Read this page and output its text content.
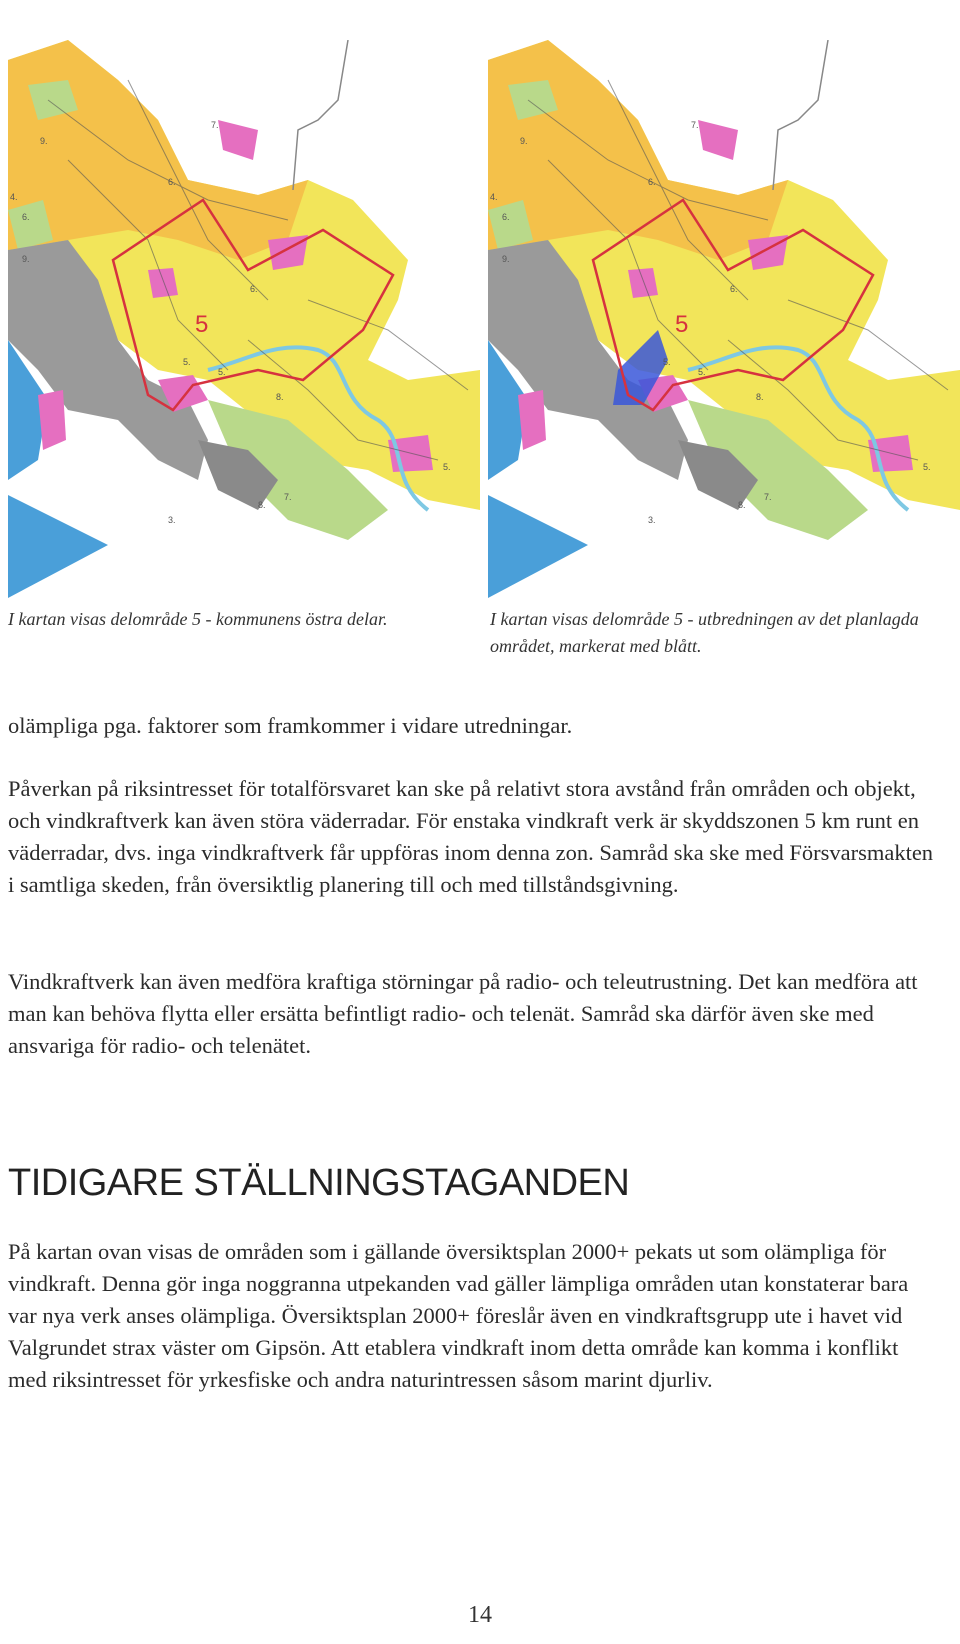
5
7.
9.
6.
4.
6.
9.
6.
5.
5.
8.
8.
7.
5.
3.
5
7.
9.
6.
4.
6.
9.
6.
5.
5.
8.
8.
7.
5.
3.
I kartan visas delområde 5 - kommunens östra delar.	I kartan visas delområde 5 - utbredningen av det planlagda området, markerat med blått.

olämpliga pga. faktorer som framkommer i vidare utredningar.

Påverkan på riksintresset för totalförsvaret kan ske på relativt stora avstånd från områden och objekt, och vindkraftverk kan även störa väderradar. För enstaka vindkraft verk är skyddszonen 5 km runt en väderradar, dvs. inga vindkraftverk får uppföras inom denna zon. Samråd ska ske med Försvarsmakten i samtliga skeden, från översiktlig planering till och med tillståndsgivning.

Vindkraftverk kan även medföra kraftiga störningar på radio- och teleutrustning. Det kan medföra att man kan behöva flytta eller ersätta befintligt radio- och telenät. Samråd ska därför även ske med ansvariga för radio- och telenätet.

TIDIGARE STÄLLNINGSTAGANDEN

På kartan ovan visas de områden som i gällande översiktsplan 2000+ pekats ut som olämpliga för vindkraft. Denna gör inga noggranna utpekanden vad gäller lämpliga områden utan konstaterar bara var nya verk anses olämpliga. Översiktsplan 2000+ föreslår även en vindkraftsgrupp ute i havet vid Valgrundet strax väster om Gipsön. Att etablera vindkraft inom detta område kan komma i konflikt med riksintresset för yrkesfiske och andra naturintressen såsom marint djurliv.

14
